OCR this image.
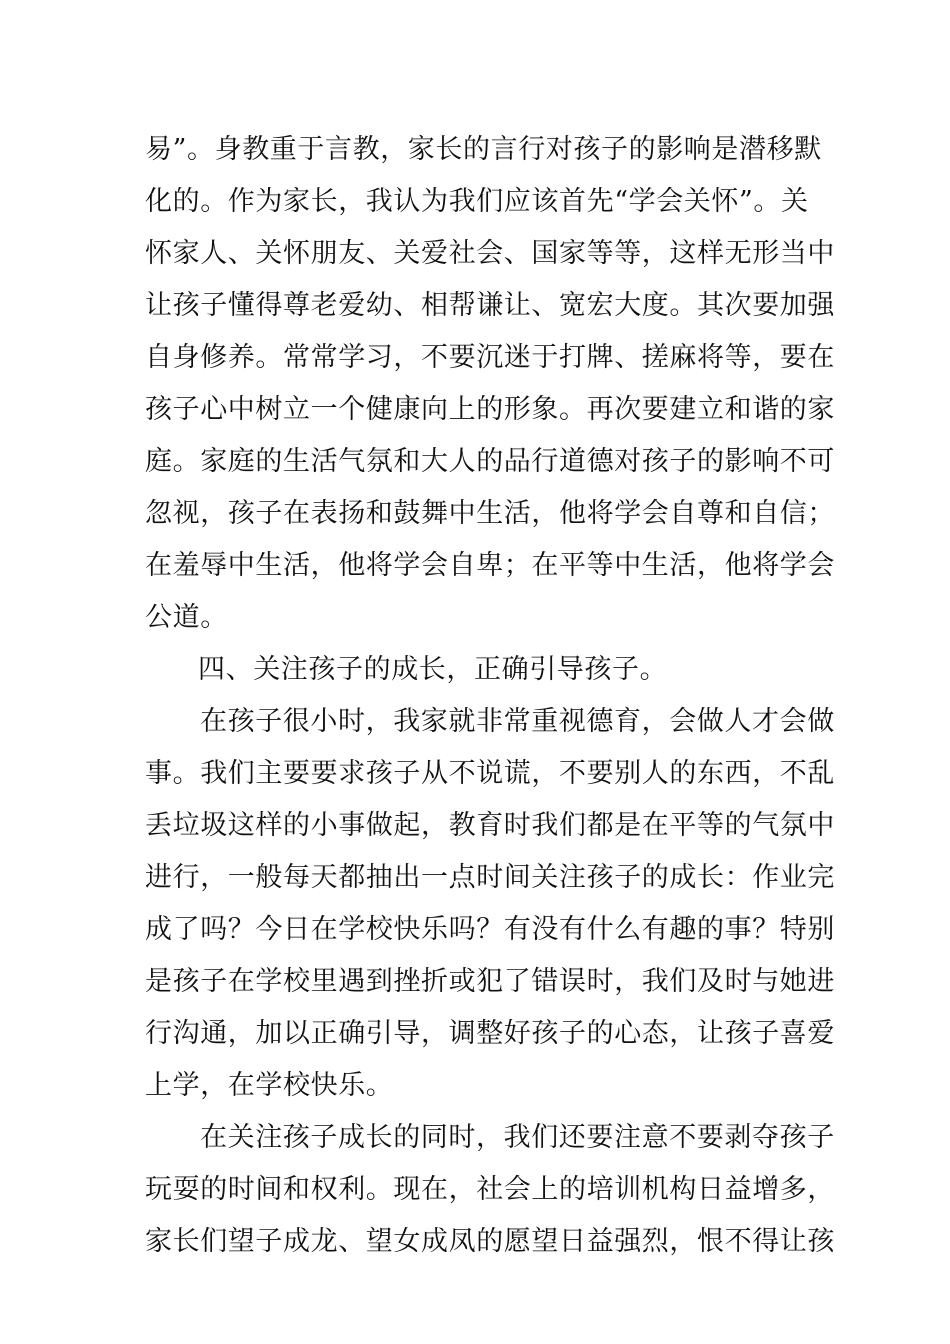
易”。身教重于言教，家长的言行对孩子的影响是潜移默
化的。作为家长，我认为我们应该首先“学会关怀”。关
怀家人、关怀朋友、关爱社会、国家等等，这样无形当中
让孩子懂得尊老爱幼、相帮谦让、宽宏大度。其次要加强
自身修养。常常学习，不要沉迷于打牌、搓麻将等，要在
孩子心中树立一个健康向上的形象。再次要建立和谐的家
庭。家庭的生活气氛和大人的品行道德对孩子的影响不可
忽视，孩子在表扬和鼓舞中生活，他将学会自尊和自信；
在羞辱中生活，他将学会自卑；在平等中生活，他将学会
公道。
四、关注孩子的成长，正确引导孩子。
在孩子很小时，我家就非常重视德育，会做人才会做
事。我们主要要求孩子从不说谎，不要别人的东西，不乱
丢垃圾这样的小事做起，教育时我们都是在平等的气氛中
进行，一般每天都抽出一点时间关注孩子的成长：作业完
成了吗？今日在学校快乐吗？有没有什么有趣的事？特别
是孩子在学校里遇到挫折或犯了错误时，我们及时与她进
行沟通，加以正确引导，调整好孩子的心态，让孩子喜爱
上学，在学校快乐。
在关注孩子成长的同时，我们还要注意不要剥夺孩子
玩耍的时间和权利。现在，社会上的培训机构日益增多，
家长们望子成龙、望女成凤的愿望日益强烈，恨不得让孩
